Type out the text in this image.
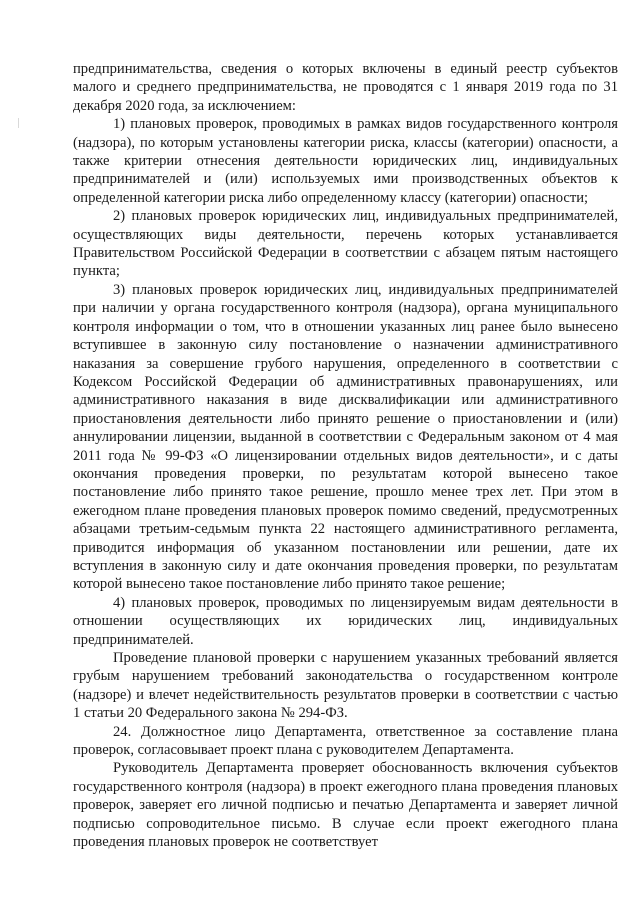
предпринимательства, сведения о которых включены в единый реестр субъектов малого и среднего предпринимательства, не проводятся с 1 января 2019 года по 31 декабря 2020 года, за исключением:

1) плановых проверок, проводимых в рамках видов государственного контроля (надзора), по которым установлены категории риска, классы (категории) опасности, а также критерии отнесения деятельности юридических лиц, индивидуальных предпринимателей и (или) используемых ими производственных объектов к определенной категории риска либо определенному классу (категории) опасности;

2) плановых проверок юридических лиц, индивидуальных предпринимателей, осуществляющих виды деятельности, перечень которых устанавливается Правительством Российской Федерации в соответствии с абзацем пятым настоящего пункта;

3) плановых проверок юридических лиц, индивидуальных предпринимателей при наличии у органа государственного контроля (надзора), органа муниципального контроля информации о том, что в отношении указанных лиц ранее было вынесено вступившее в законную силу постановление о назначении административного наказания за совершение грубого нарушения, определенного в соответствии с Кодексом Российской Федерации об административных правонарушениях, или административного наказания в виде дисквалификации или административного приостановления деятельности либо принято решение о приостановлении и (или) аннулировании лицензии, выданной в соответствии с Федеральным законом от 4 мая 2011 года № 99-ФЗ «О лицензировании отдельных видов деятельности», и с даты окончания проведения проверки, по результатам которой вынесено такое постановление либо принято такое решение, прошло менее трех лет. При этом в ежегодном плане проведения плановых проверок помимо сведений, предусмотренных абзацами третьим-седьмым пункта 22 настоящего административного регламента, приводится информация об указанном постановлении или решении, дате их вступления в законную силу и дате окончания проведения проверки, по результатам которой вынесено такое постановление либо принято такое решение;

4) плановых проверок, проводимых по лицензируемым видам деятельности в отношении осуществляющих их юридических лиц, индивидуальных предпринимателей.

Проведение плановой проверки с нарушением указанных требований является грубым нарушением требований законодательства о государственном контроле (надзоре) и влечет недействительность результатов проверки в соответствии с частью 1 статьи 20 Федерального закона № 294-ФЗ.

24. Должностное лицо Департамента, ответственное за составление плана проверок, согласовывает проект плана с руководителем Департамента.

Руководитель Департамента проверяет обоснованность включения субъектов государственного контроля (надзора) в проект ежегодного плана проведения плановых проверок, заверяет его личной подписью и печатью Департамента и заверяет личной подписью сопроводительное письмо. В случае если проект ежегодного плана проведения плановых проверок не соответствует
